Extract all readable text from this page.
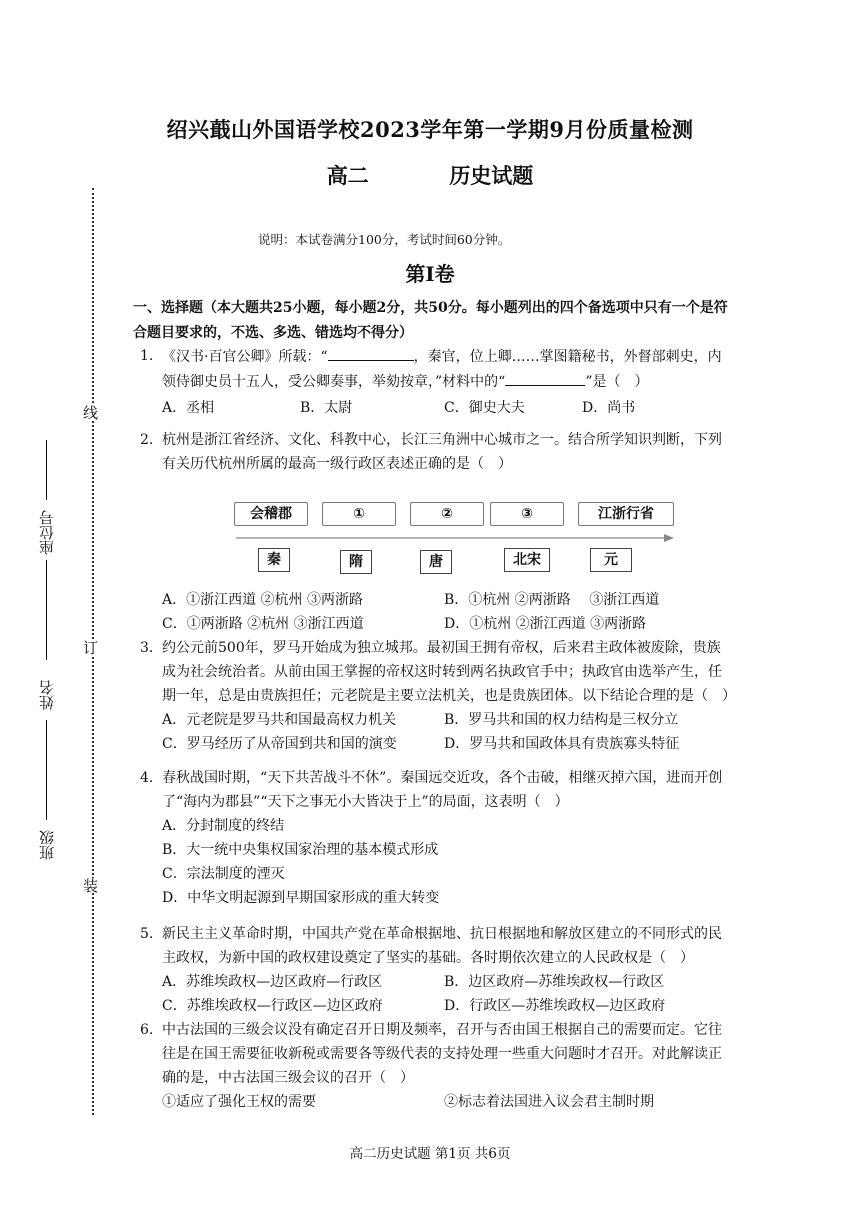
线
订
装
座位号
姓名
班级
绍兴蕺山外国语学校2023学年第一学期9月份质量检测
高二	历史试题
说明：本试卷满分100分，考试时间60分钟。
第Ⅰ卷
一、选择题（本大题共25小题，每小题2分，共50分。每小题列出的四个备选项中只有一个是符合题目要求的，不选、多选、错选均不得分）
1. 《汉书·百官公卿》所载：“	，秦官，位上卿……掌图籍秘书，外督部刺史，内领侍御史员十五人，受公卿奏事，举劾按章，”材料中的“	”是（　）
A．丞相	B．太尉	C．御史大夫	D．尚书
2. 杭州是浙江省经济、文化、科教中心，长江三角洲中心城市之一。结合所学知识判断，下列有关历代杭州所属的最高一级行政区表述正确的是（　）
会稽郡	①	②	③	江浙行省
秦	隋	唐	北宋	元
A．①浙江西道 ②杭州 ③两浙路	B．①杭州 ②两浙路　 ③浙江西道
C．①两浙路 ②杭州 ③浙江西道	D．①杭州 ②浙江西道 ③两浙路
3. 约公元前500年，罗马开始成为独立城邦。最初国王拥有帝权，后来君主政体被废除，贵族成为社会统治者。从前由国王掌握的帝权这时转到两名执政官手中；执政官由选举产生，任期一年，总是由贵族担任；元老院是主要立法机关，也是贵族团体。以下结论合理的是（　）
A．元老院是罗马共和国最高权力机关	B．罗马共和国的权力结构是三权分立
C．罗马经历了从帝国到共和国的演变	D．罗马共和国政体具有贵族寡头特征
4. 春秋战国时期，“天下共苦战斗不休”。秦国远交近攻，各个击破，相继灭掉六国，进而开创了“海内为郡县”“天下之事无小大皆决于上”的局面，这表明（　）
A．分封制度的终结
B．大一统中央集权国家治理的基本模式形成
C．宗法制度的湮灭
D．中华文明起源到早期国家形成的重大转变
5. 新民主主义革命时期，中国共产党在革命根据地、抗日根据地和解放区建立的不同形式的民主政权，为新中国的政权建设奠定了坚实的基础。各时期依次建立的人民政权是（　）
A．苏维埃政权—边区政府—行政区	B．边区政府—苏维埃政权—行政区
C．苏维埃政权—行政区—边区政府	D．行政区—苏维埃政权—边区政府
6. 中古法国的三级会议没有确定召开日期及频率，召开与否由国王根据自己的需要而定。它往往是在国王需要征收新税或需要各等级代表的支持处理一些重大问题时才召开。对此解读正确的是，中古法国三级会议的召开（　）
①适应了强化王权的需要	②标志着法国进入议会君主制时期
高二历史试题 第1页 共6页
